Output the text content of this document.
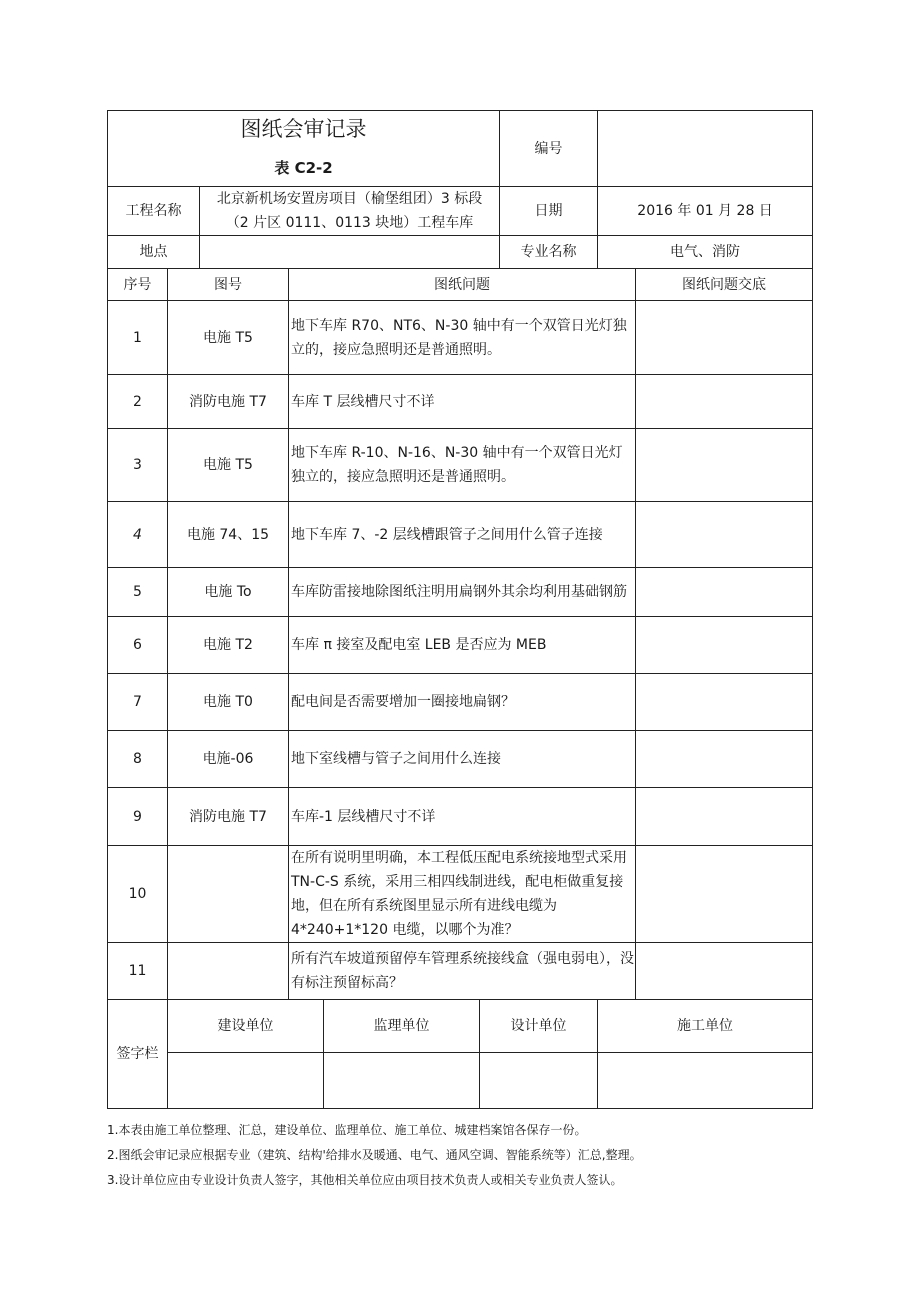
图纸会审记录
表 C2-2
	编号	
工程名称		北京新机场安置房项目（榆堡组团）3 标段
（2 片区 0111、0113 块地）工程车库				日期	2016 年 01 月 28 日	
地点						专业名称	电气、消防	
序号	图号		图纸问题					图纸问题交底
1	电施 T5		地下车库 R70、NT6、N-30 轴中有一个双管日光灯独立的，接应急照明还是普通照明。					
2	消防电施 T7		车库 T 层线槽尺寸不详					
3	电施 T5		地下车库 R-10、N-16、N-30 轴中有一个双管日光灯独立的，接应急照明还是普通照明。					
4	电施 74、15		地下车库 7、-2 层线槽跟管子之间用什么管子连接					
5	电施 To		车库防雷接地除图纸注明用扁钢外其余均利用基础钢筋					
6	电施 T2		车库 π 接室及配电室 LEB 是否应为 MEB					
7	电施 T0		配电间是否需要增加一圈接地扁钢？					
8	电施-06		地下室线槽与管子之间用什么连接					
9	消防电施 T7		车库-1 层线槽尺寸不详					
10			在所有说明里明确，本工程低压配电系统接地型式采用 TN-C-S 系统，采用三相四线制进线，配电柜做重复接地，但在所有系统图里显示所有进线电缆为 4*240+1*120 电缆，以哪个为准？					
11			所有汽车坡道预留停车管理系统接线盒（强电弱电），没有标注预留标高？					
签字栏	建设单位			监理单位	设计单位		施工单位	

1.本表由施工单位整理、汇总，建设单位、监理单位、施工单位、城建档案馆各保存一份。
2.图纸会审记录应根据专业（建筑、结构'给排水及暖通、电气、通风空调、智能系统等）汇总,整理。
3.设计单位应由专业设计负责人签字，其他相关单位应由项目技术负责人或相关专业负责人签认。
